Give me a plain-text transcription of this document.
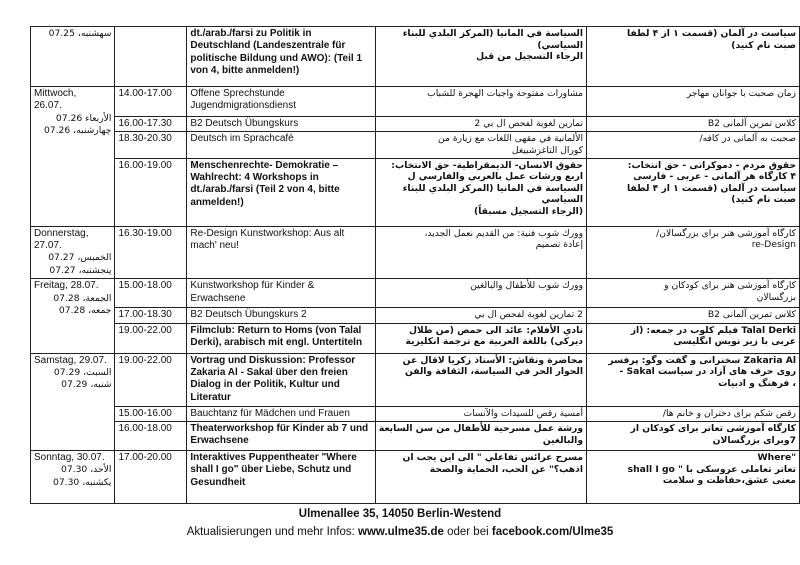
سهشنبه، 07.25		dt./arab./farsi zu Politik in
Deutschland (Landeszentrale für
politische Bildung und AWO): (Teil 1
von 4, bitte anmelden!)	السياسة في المانيا (المركز البلدي للبناء
السياسي)
الرجاء التسجيل من قبل	سیاست در آلمان (قسمت ۱ از ۴ لطفا
صبت نام کنید)

Mittwoch,
26.07.
الأربعاء 07.26
چهارشنبه، 07.26	14.00-17.00	Offene Sprechstunde
Jugendmigrationsdienst	مشاورات مفتوحة واجبات الهجرة للشباب	زمان صحبت با جوانان مهاجر

	16.00-17.30	B2 Deutsch Übungskurs	تمارين لغوية لفحص ال بي 2	کلاس تمرین آلمانی B2

	18.30-20.30	Deutsch im Sprachcafé	الألمانية في مقهى اللغات مع زيارة من
كورال التاغزشبيغل	صحبت به آلمانی در کافه/

	16.00-19.00	Menschenrechte- Demokratie –
Wahlrecht: 4 Workshops in
dt./arab./farsi (Teil 2 von 4, bitte
anmelden!)	حقوق الانسان- الديمقراطية- حق الانتخاب:
اربع ورشات عمل بالعربي والفارسي ل
السياسة في المانيا (المركز البلدي للبناء
السياسي
(الرجاء التسجيل مسبقاً)	حقوق مردم - دموکراتی - حق انتخاب:
۴ کارگاه هر آلمانی - عربی - فارسی
سیاست در آلمان (قسمت ۱ از ۴ لطفا
صبت نام کنید)

Donnerstag,
27.07.
الخميس، 07.27
پنجشنبه، 07.27	16.30-19.00	Re-Design Kunstworkshop: Aus alt
mach' neu!	وورك شوب فنية: من القديم نعمل الجديد،
إعادة تصميم	کارگاه آموزشی هنر برای بزرگسالان/
re-Design

Freitag, 28.07.
الجمعة، 07.28
جمعه، 07.28	15.00-18.00	Kunstworkshop für Kinder &
Erwachsene	وورك شوب للأطفال والبالغين	کارگاه آموزشی هنر برای کودکان و
بزرگسالان

	17.00-18.30	B2 Deutsch Übungskurs 2	2 تمارين لغوية لفحص ال بي	کلاس تمرین آلمانی B2

	19.00-22.00	Filmclub: Return to Homs (von Talal
Derki), arabisch mit engl. Untertiteln	نادي الأفلام: عائد الى حمص (من طلال
ديركي) باللغة العربية مع ترجمة انكليزية	Talal Derki فیلم کلوب در جمعه: (از
عربی با زیر نویس انگلیسی

Samstag, 29.07.
السبت، 07.29
شنبه، 07.29	19.00-22.00	Vortrag und Diskussion: Professor
Zakaria Al - Sakal über den freien
Dialog in der Politik, Kultur und
Literatur	محاضرة ونقاش: الأستاذ زكريا لاقال عن
الحوار الحر في السياسة، الثقافة والفن	Zakaria Al سخنرانی و گفت وگو: پرفسر
روی حرف های آزاد در سیاست Sakal -
، فرهنگ و ادبیات

	15.00-16.00	Bauchtanz für Mädchen und Frauen	أمسية رقص للسيدات والآنسات	رقص شکم برای دختران و خانم ها/

	16.00-18.00	Theaterworkshop für Kinder ab 7 und
Erwachsene	ورشة عمل مسرحية للأطفال من سن السابعة
والبالغين	کارگاه آموزشی تعاتر برای کودکان از
7وبرای بزرگسالان

Sonntag, 30.07.
الأحد، 07.30
یکشنبه، 07.30	17.00-20.00	Interaktives Puppentheater "Where
shall I go" über Liebe, Schutz und
Gesundheit	مسرح عرائس تفاعلي " الى اين يجب ان
اذهب؟" عن الحب، الحماية والصحة	"Where
تعاتر تعاملی عروسکی با " shall I go
معنی عشق،حفاظت و سلامت
Ulmenallee 35, 14050 Berlin-Westend
Aktualisierungen und mehr Infos: www.ulme35.de oder bei facebook.com/Ulme35
